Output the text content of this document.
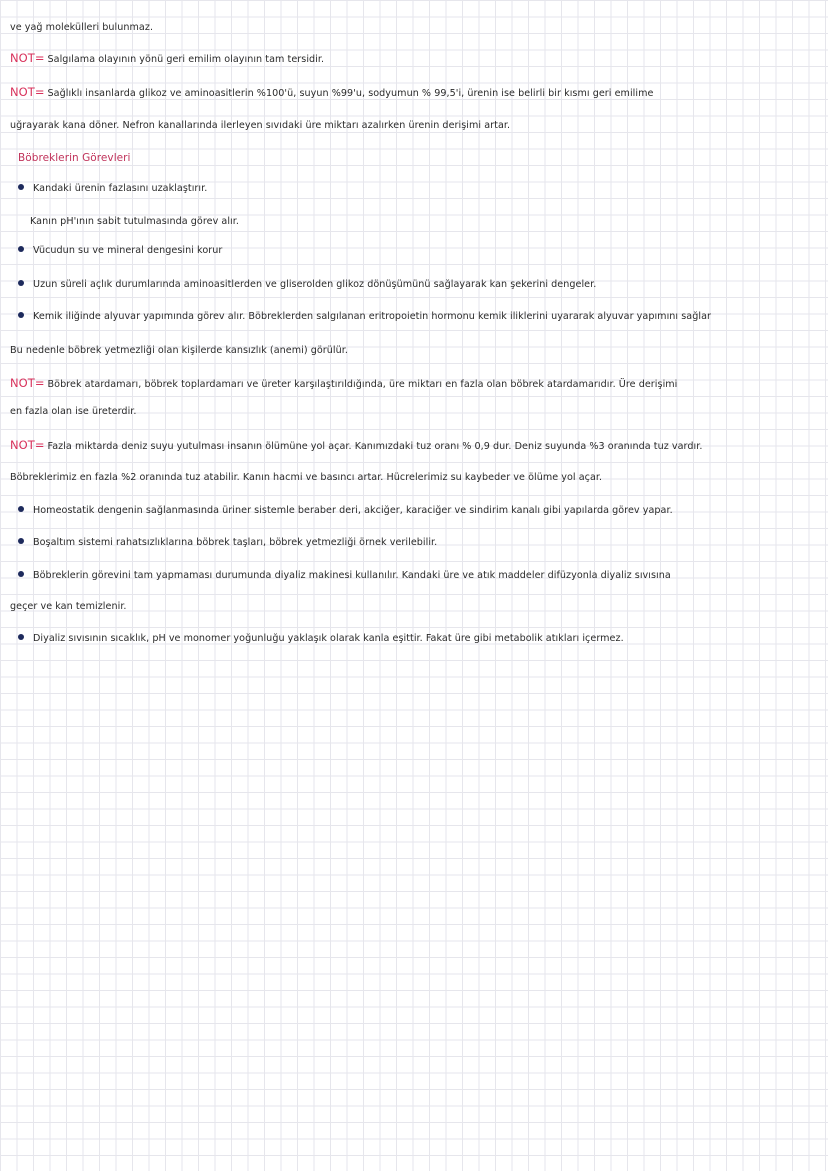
ve yağ molekülleri bulunmaz.
NOT= Salgılama olayının yönü geri emilim olayının tam tersidir.
NOT= Sağlıklı insanlarda glikoz ve aminoasitlerin %100'ü, suyun %99'u, sodyumun % 99,5'i, ürenin ise belirli bir kısmı geri emilime
uğrayarak kana döner. Nefron kanallarında ilerleyen sıvıdaki üre miktarı azalırken ürenin derişimi artar.
Böbreklerin Görevleri
Kandaki ürenin fazlasını uzaklaştırır.
Kanın pH'ının sabit tutulmasında görev alır.
Vücudun su ve mineral dengesini korur
Uzun süreli açlık durumlarında aminoasitlerden ve gliserolden glikoz dönüşümünü sağlayarak kan şekerini dengeler.
Kemik iliğinde alyuvar yapımında görev alır. Böbreklerden salgılanan eritropoietin hormonu kemik iliklerini uyararak alyuvar yapımını sağlar
Bu nedenle böbrek yetmezliği olan kişilerde kansızlık (anemi) görülür.
NOT= Böbrek atardamarı, böbrek toplardamarı ve üreter karşılaştırıldığında, üre miktarı en fazla olan böbrek atardamarıdır. Üre derişimi
en fazla olan ise üreterdir.
NOT= Fazla miktarda deniz suyu yutulması insanın ölümüne yol açar. Kanımızdaki tuz oranı % 0,9 dur. Deniz suyunda %3 oranında tuz vardır.
Böbreklerimiz en fazla %2 oranında tuz atabilir. Kanın hacmi ve basıncı artar. Hücrelerimiz su kaybeder ve ölüme yol açar.
Homeostatik dengenin sağlanmasında üriner sistemle beraber deri, akciğer, karaciğer ve sindirim kanalı gibi yapılarda görev yapar.
Boşaltım sistemi rahatsızlıklarına böbrek taşları, böbrek yetmezliği örnek verilebilir.
Böbreklerin görevini tam yapmaması durumunda diyaliz makinesi kullanılır. Kandaki üre ve atık maddeler difüzyonla diyaliz sıvısına
geçer ve kan temizlenir.
Diyaliz sıvısının sıcaklık, pH ve monomer yoğunluğu yaklaşık olarak kanla eşittir. Fakat üre gibi metabolik atıkları içermez.
